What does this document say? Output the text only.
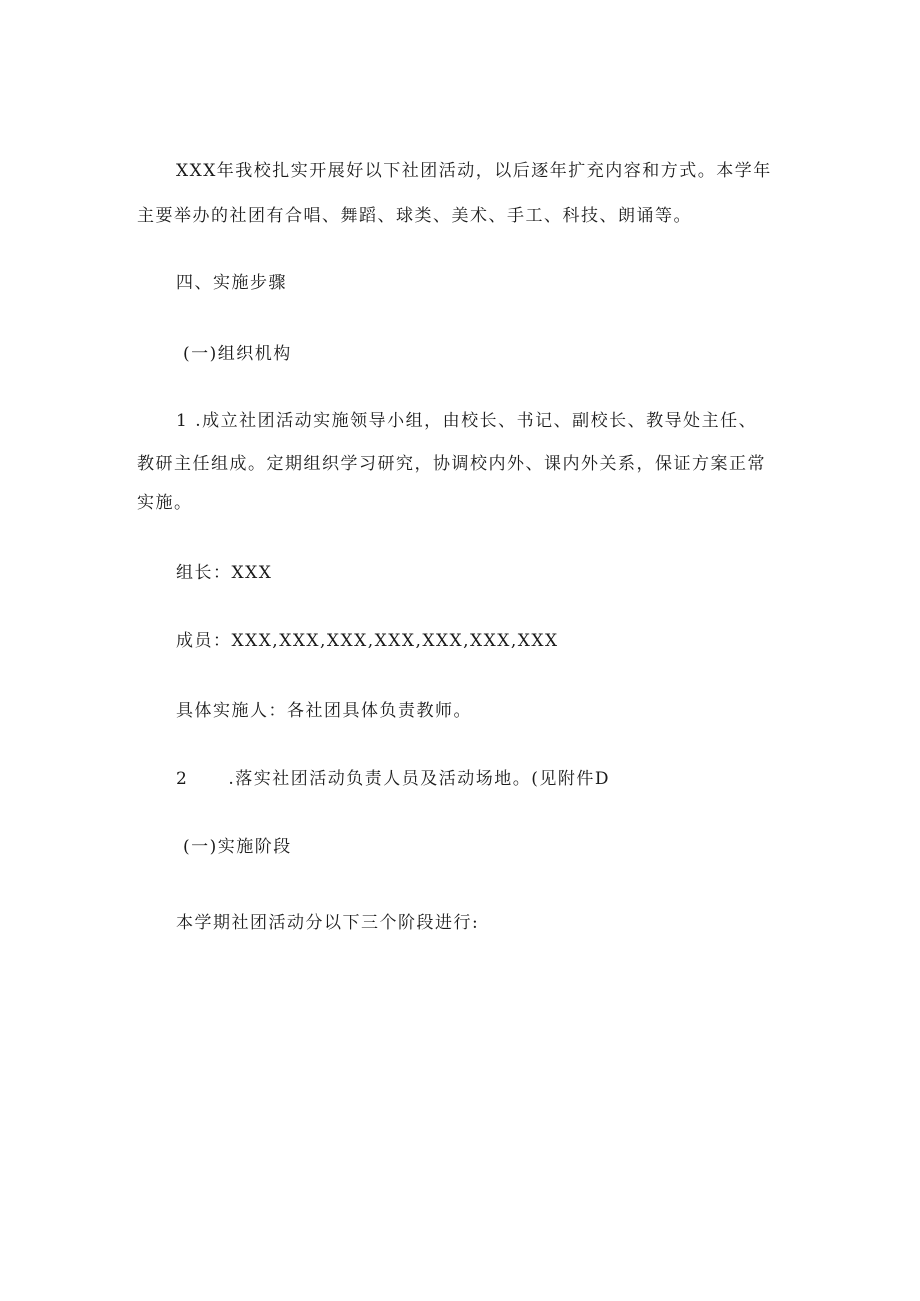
XXX年我校扎实开展好以下社团活动，以后逐年扩充内容和方式。本学年
主要举办的社团有合唱、舞蹈、球类、美术、手工、科技、朗诵等。
四、实施步骤
(一)组织机构
1 .成立社团活动实施领导小组，由校长、书记、副校长、教导处主任、
教研主任组成。定期组织学习研究，协调校内外、课内外关系，保证方案正常
实施。
组长：XXX
成员：XXX,XXX,XXX,XXX,XXX,XXX,XXX
具体实施人：各社团具体负责教师。
2 .落实社团活动负责人员及活动场地。(见附件D
(一)实施阶段
本学期社团活动分以下三个阶段进行:
